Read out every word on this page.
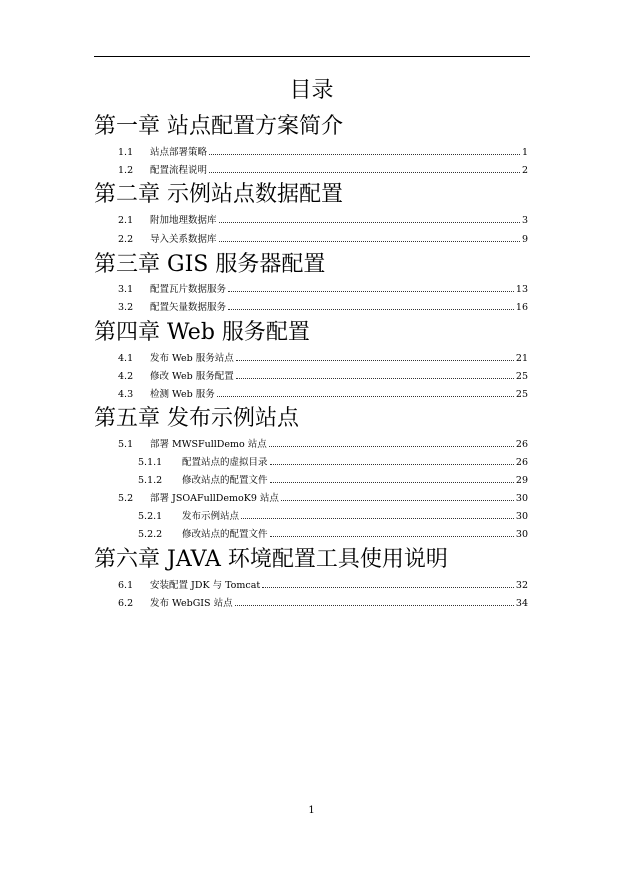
目录
第一章 站点配置方案简介
1.1	站点部署策略	1
1.2	配置流程说明	2
第二章 示例站点数据配置
2.1	附加地理数据库	3
2.2	导入关系数据库	9
第三章 GIS 服务器配置
3.1	配置瓦片数据服务	13
3.2	配置矢量数据服务	16
第四章 Web 服务配置
4.1	发布 Web 服务站点	21
4.2	修改 Web 服务配置	25
4.3	检测 Web 服务	25
第五章 发布示例站点
5.1	部署 MWSFullDemo 站点	26
5.1.1	配置站点的虚拟目录	26
5.1.2	修改站点的配置文件	29
5.2	部署 JSOAFullDemoK9 站点	30
5.2.1	发布示例站点	30
5.2.2	修改站点的配置文件	30
第六章 JAVA 环境配置工具使用说明
6.1	安装配置 JDK 与 Tomcat	32
6.2	发布 WebGIS 站点	34
1
